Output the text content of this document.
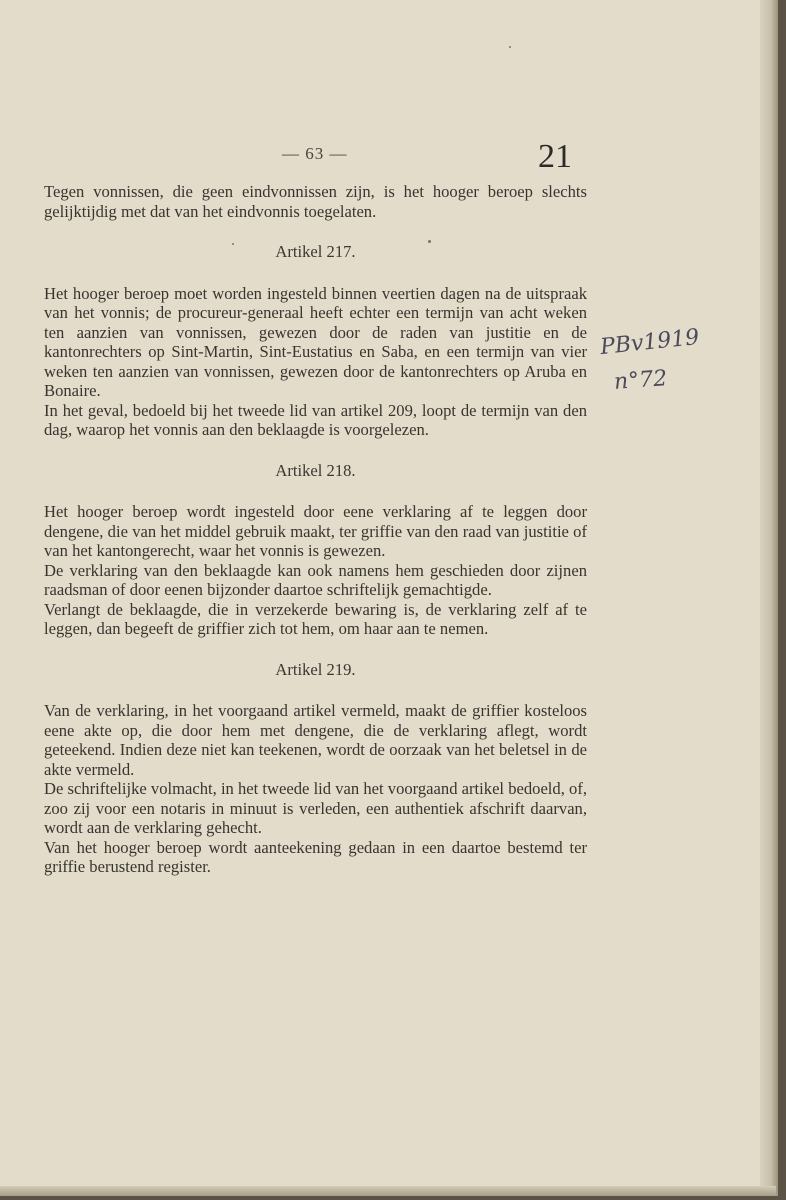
— 63 —	21

Tegen vonnissen, die geen eindvonnissen zijn, is het hooger beroep slechts gelijktijdig met dat van het eindvonnis toegelaten.

Artikel 217.

Het hooger beroep moet worden ingesteld binnen veertien dagen na de uitspraak van het vonnis; de procureur-generaal heeft echter een termijn van acht weken ten aanzien van vonnissen, gewezen door de raden van justitie en de kantonrechters op Sint-Martin, Sint-Eustatius en Saba, en een termijn van vier weken ten aanzien van vonnissen, gewezen door de kantonrechters op Aruba en Bonaire.

In het geval, bedoeld bij het tweede lid van artikel 209, loopt de termijn van den dag, waarop het vonnis aan den beklaagde is voorgelezen.

Artikel 218.

Het hooger beroep wordt ingesteld door eene verklaring af te leggen door dengene, die van het middel gebruik maakt, ter griffie van den raad van justitie of van het kantongerecht, waar het vonnis is gewezen.

De verklaring van den beklaagde kan ook namens hem geschieden door zijnen raadsman of door eenen bijzonder daartoe schriftelijk gemachtigde.

Verlangt de beklaagde, die in verzekerde bewaring is, de verklaring zelf af te leggen, dan begeeft de griffier zich tot hem, om haar aan te nemen.

Artikel 219.

Van de verklaring, in het voorgaand artikel vermeld, maakt de griffier kosteloos eene akte op, die door hem met dengene, die de verklaring aflegt, wordt geteekend. Indien deze niet kan teekenen, wordt de oorzaak van het beletsel in de akte vermeld.

De schriftelijke volmacht, in het tweede lid van het voorgaand artikel bedoeld, of, zoo zij voor een notaris in minuut is verleden, een authentiek afschrift daarvan, wordt aan de verklaring gehecht.

Van het hooger beroep wordt aanteekening gedaan in een daartoe bestemd ter griffie berustend register.

PBv1919
n°72
